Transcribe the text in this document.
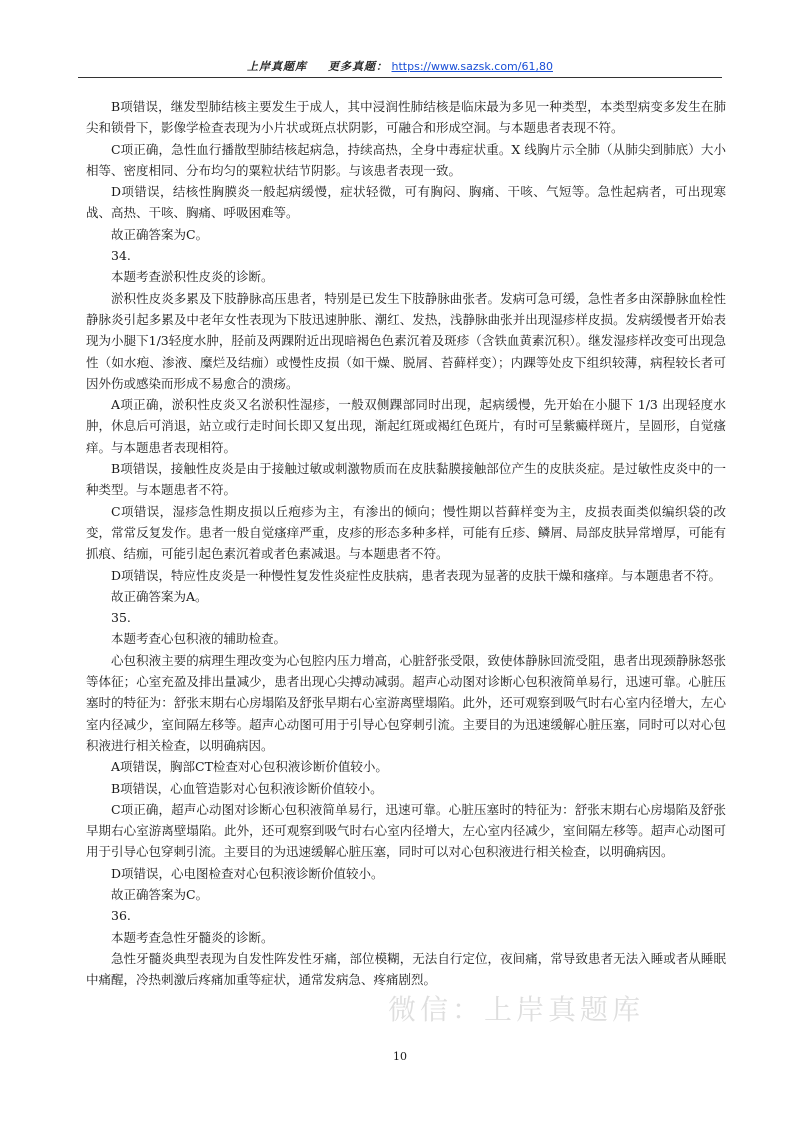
上岸真题库 更多真题： https://www.sazsk.com/61,80

B项错误，继发型肺结核主要发生于成人，其中浸润性肺结核是临床最为多见一种类型，本类型病变多发生在肺尖和锁骨下，影像学检查表现为小片状或斑点状阴影，可融合和形成空洞。与本题患者表现不符。

C项正确，急性血行播散型肺结核起病急，持续高热，全身中毒症状重。X 线胸片示全肺（从肺尖到肺底）大小相等、密度相同、分布均匀的粟粒状结节阴影。与该患者表现一致。

D项错误，结核性胸膜炎一般起病缓慢，症状轻微，可有胸闷、胸痛、干咳、气短等。急性起病者，可出现寒战、高热、干咳、胸痛、呼吸困难等。

故正确答案为C。

34.

本题考查淤积性皮炎的诊断。

淤积性皮炎多累及下肢静脉高压患者，特别是已发生下肢静脉曲张者。发病可急可缓，急性者多由深静脉血栓性静脉炎引起多累及中老年女性表现为下肢迅速肿胀、潮红、发热，浅静脉曲张并出现湿疹样皮损。发病缓慢者开始表现为小腿下1/3轻度水肿，胫前及两踝附近出现暗褐色色素沉着及斑疹（含铁血黄素沉积）。继发湿疹样改变可出现急性（如水疱、渗液、糜烂及结痂）或慢性皮损（如干燥、脱屑、苔藓样变）；内踝等处皮下组织较薄，病程较长者可因外伤或感染而形成不易愈合的溃疡。

A项正确，淤积性皮炎又名淤积性湿疹，一般双侧踝部同时出现，起病缓慢，先开始在小腿下 1/3 出现轻度水肿，休息后可消退，站立或行走时间长即又复出现，渐起红斑或褐红色斑片，有时可呈紫癜样斑片，呈圆形，自觉瘙痒。与本题患者表现相符。

B项错误，接触性皮炎是由于接触过敏或刺激物质而在皮肤黏膜接触部位产生的皮肤炎症。是过敏性皮炎中的一种类型。与本题患者不符。

C项错误，湿疹急性期皮损以丘疱疹为主，有渗出的倾向；慢性期以苔藓样变为主，皮损表面类似编织袋的改变，常常反复发作。患者一般自觉瘙痒严重，皮疹的形态多种多样，可能有丘疹、鳞屑、局部皮肤异常增厚，可能有抓痕、结痂，可能引起色素沉着或者色素减退。与本题患者不符。

D项错误，特应性皮炎是一种慢性复发性炎症性皮肤病，患者表现为显著的皮肤干燥和瘙痒。与本题患者不符。

故正确答案为A。

35.

本题考查心包积液的辅助检查。

心包积液主要的病理生理改变为心包腔内压力增高，心脏舒张受限，致使体静脉回流受阻，患者出现颈静脉怒张等体征；心室充盈及排出量减少，患者出现心尖搏动减弱。超声心动图对诊断心包积液简单易行，迅速可靠。心脏压塞时的特征为：舒张末期右心房塌陷及舒张早期右心室游离壁塌陷。此外，还可观察到吸气时右心室内径增大，左心室内径减少，室间隔左移等。超声心动图可用于引导心包穿刺引流。主要目的为迅速缓解心脏压塞，同时可以对心包积液进行相关检查，以明确病因。

A项错误，胸部CT检查对心包积液诊断价值较小。

B项错误，心血管造影对心包积液诊断价值较小。

C项正确，超声心动图对诊断心包积液简单易行，迅速可靠。心脏压塞时的特征为：舒张末期右心房塌陷及舒张早期右心室游离壁塌陷。此外，还可观察到吸气时右心室内径增大，左心室内径减少，室间隔左移等。超声心动图可用于引导心包穿刺引流。主要目的为迅速缓解心脏压塞，同时可以对心包积液进行相关检查，以明确病因。

D项错误，心电图检查对心包积液诊断价值较小。

故正确答案为C。

36.

本题考查急性牙髓炎的诊断。

急性牙髓炎典型表现为自发性阵发性牙痛，部位模糊，无法自行定位，夜间痛，常导致患者无法入睡或者从睡眠中痛醒，冷热刺激后疼痛加重等症状，通常发病急、疼痛剧烈。

微信：上岸真题库
10
